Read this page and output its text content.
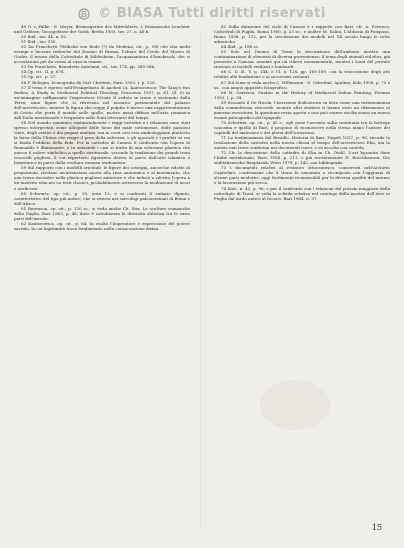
© BIASA Tutti diritti riservati

49 O. v. Falke - E. Meyer, Bronzegeräte des Mittelalters, I, Romanische Leuchter und Gefässe, Giessgefässe der Gotik, Berlin 1935, tav. 27, n. 48 b.

50 Ibid., tav. 44, n. 92.

51 Ibid., tav. 150.

52 Da Franchetti (Wilhelm von Bode (?) da Modena, cit., p. 98) che cita molti esempi e lucerne tedesche del Duomo di Brema, l'altare del Credo del Museo di Gosler, il tesoro della Cattedrale di Hildesheim, l'acquasantiera d'Innsbruck, che si accostarono più da vicino al caso in esame.

53 Da Franchetti, Benedetto Antelami, cit., tav. 174, pp. 285-286.

54 Op. cit., II, p. 674.

55 Op. cit., p. 27.

56 F. Bologna, Iconografia de l'Art Chrétien, Paris 1955, I, p. 220.

57 Il tema è ripreso nell'Evangeliario di Aachen (A. Kantorowicz, The King's two Bodies, A Study in Mediaeval Political Theology, Princeton 1957, p. 61, ill. 5) in un'immagine raffigurante l'imperatore Ottone II seduto in trono e sostenuto dalla Terra; sono figure che si ritrovano nel mosaico pavimentale del palazzo dell'arcivescovo, mentre la figura che regge il pulpito è invece una rappresentazione di Cristo che porta il mondo sulle spalle, motivo assai diffuso nell'arte romanica dell'Italia meridionale e frequente nelle fonti letterarie del tempo.

58 Nel mondo romanico sostanzialmente i reggi-cattedra e i telamoni sono stati spesso interpretati come allegorie delle forze del male sottomesse, delle passioni vinte, degli eretici e dei pagani umiliati; ma in certi casi essi simboleggiano piuttosto la forza della Chiesa che regge il peso della salvezza, o gli apostoli e i profeti su cui si fonda l'edificio della fede. Per la cattedra di Canosa il confronto con l'opera di Romualdo è illuminante, e in entrambi i casi si tratta di una soluzione plastica che unisce il valore simbolico a quello strutturale, secondo la tradizione dei grandi troni vescovili pugliesi, il cui repertorio figurativo deriva in parte dall'arte islamica e bizantina e in parte dalla scultura romana tardoantica.

59 Sul rapporto con i modelli orientali: le figure dei sostegni, ancorché ridotte di proporzioni, rivelano un'attenzione nuova alla resa anatomica e al movimento, che non trova riscontro nella plastica pugliese anteriore e che induce a riferire l'opera a un maestro educato su testi classici, probabilmente attraverso la mediazione di avori e oreficerie.

60 Schwartz, op. cit., p. 30, nota 13; e si confronti il sudario dipinto, caratteristico del tipo più antico, che si ritrova nei sarcofagi paleocristiani di Roma e dell'Africa.

61 Berenson, op. cit., p. 120 ss.; si veda anche Ch. Stix, Le sculture romaniche della Puglia, Bari 1963, p. 48, dove è sottolineata la diversità stilistica tra le varie parti dell'arredo.

62 Kantorowicz, op. cit., p. 64. In realtà l'Imperatore è espressione del potere sacrale, la cui legittimità trova fondamento nella consacrazione divina.

63 Sulla datazione del ciclo di Canosa e i rapporti con Bari, cfr. A. Petrucci, Cattedrali di Puglia, Roma 1960, p. 23 ss.; e inoltre M. Salmi, L'abbazia di Pomposa, Roma 1936, p. 112, per la circolazione dei modelli nel XII secolo lungo le rotte adriatiche.

64 Ibid., p. 186 ss.

65 Solo nel Duomo di Trani la decorazione dell'ambone mostra una contaminazione di elementi di diversa provenienza; il tema degli animali stilofori, già presente a Canosa, assume qui un rilievo monumentale, mentre i leoni del portale rinviano ai modelli emiliani e lombardi.

66 C. D. B., V, p. 144; e VI, n. 128, pp. 165-169, con la trascrizione degli atti relativi alla fondazione e ai successivi restauri.

67 Sul tema si veda anche C. Willemsen - D. Odenthal, Apulien, Köln 1958, p. 73 e ss., con ampio apparato fotografico.

68 M. Garrison, Studies in the History of Mediaeval Italian Painting, Firenze 1953, I, p. 54.

69 Secondo il De Nicola, l'iscrizione dedicatoria va letta come una testimonianza della committenza vescovile, mentre altri studiosi vi hanno visto un riferimento al maestro esecutore; la questione resta aperta e non può essere risolta senza un nuovo esame paleografico dell'epigrafe.

70 Schettini, op. cit., p. 45 s.; egli pone l'accento sulla continuità tra la bottega canosina e quella di Bari, e propone di riconoscere nella stessa mano l'autore dei capitelli del matroneo e dei plutei dell'iconostasi.

71 La testimonianza del Beatillo, Historia di Bari, Napoli 1637, p. 96, ricorda la traslazione della cattedra nella nuova chiesa al tempo dell'arcivescovo Elia, ma la notizia non trova conferma nei documenti coevi, e va accolta con cautela.

72 Cfr. la descrizione della cattedra di Elia in Ch. Diehl, L'art byzantin dans l'Italie méridionale, Paris 1894, p. 211, e più recentemente H. Buschhausen, Die süditalienische Bauplastik, Wien 1978, p. 142, con bibliografia.

73 I documenti relativi al restauro ottocentesco, conservati nell'Archivio Capitolare, confermano che il trono fu smontato e ricomposto con l'aggiunta di alcune parti moderne, oggi facilmente riconoscibili per la diversa qualità del marmo e la lavorazione più secca.

74 Ibid., n. 42, p. 96; e per il confronto con i telamoni del portale maggiore della cattedrale di Trani, si veda la scheda relativa nel catalogo della mostra dell'Arte in Puglia dal tardo antico al rococò, Bari 1964, n. 37.

15
